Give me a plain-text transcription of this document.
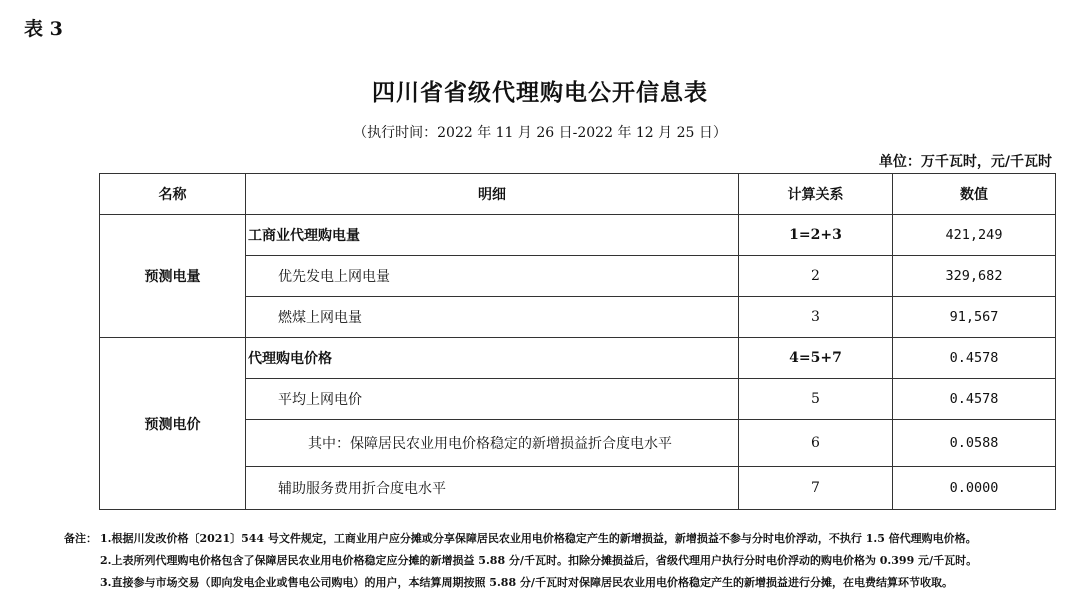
表 3
四川省省级代理购电公开信息表
（执行时间：2022 年 11 月 26 日-2022 年 12 月 25 日）
单位：万千瓦时，元/千瓦时
名称	明细	计算关系	数值
预测电量	工商业代理购电量	1=2+3	421,249
	优先发电上网电量	2	329,682
	燃煤上网电量	3	91,567
预测电价	代理购电价格	4=5+7	0.4578
	平均上网电价	5	0.4578
	其中：保障居民农业用电价格稳定的新增损益折合度电水平	6	0.0588
	辅助服务费用折合度电水平	7	0.0000
备注： 1.根据川发改价格〔2021〕544 号文件规定，工商业用户应分摊或分享保障居民农业用电价格稳定产生的新增损益，新增损益不参与分时电价浮动，不执行 1.5 倍代理购电价格。
2.上表所列代理购电价格包含了保障居民农业用电价格稳定应分摊的新增损益 5.88 分/千瓦时。扣除分摊损益后，省级代理用户执行分时电价浮动的购电价格为 0.399 元/千瓦时。
3.直接参与市场交易（即向发电企业或售电公司购电）的用户，本结算周期按照 5.88 分/千瓦时对保障居民农业用电价格稳定产生的新增损益进行分摊，在电费结算环节收取。
